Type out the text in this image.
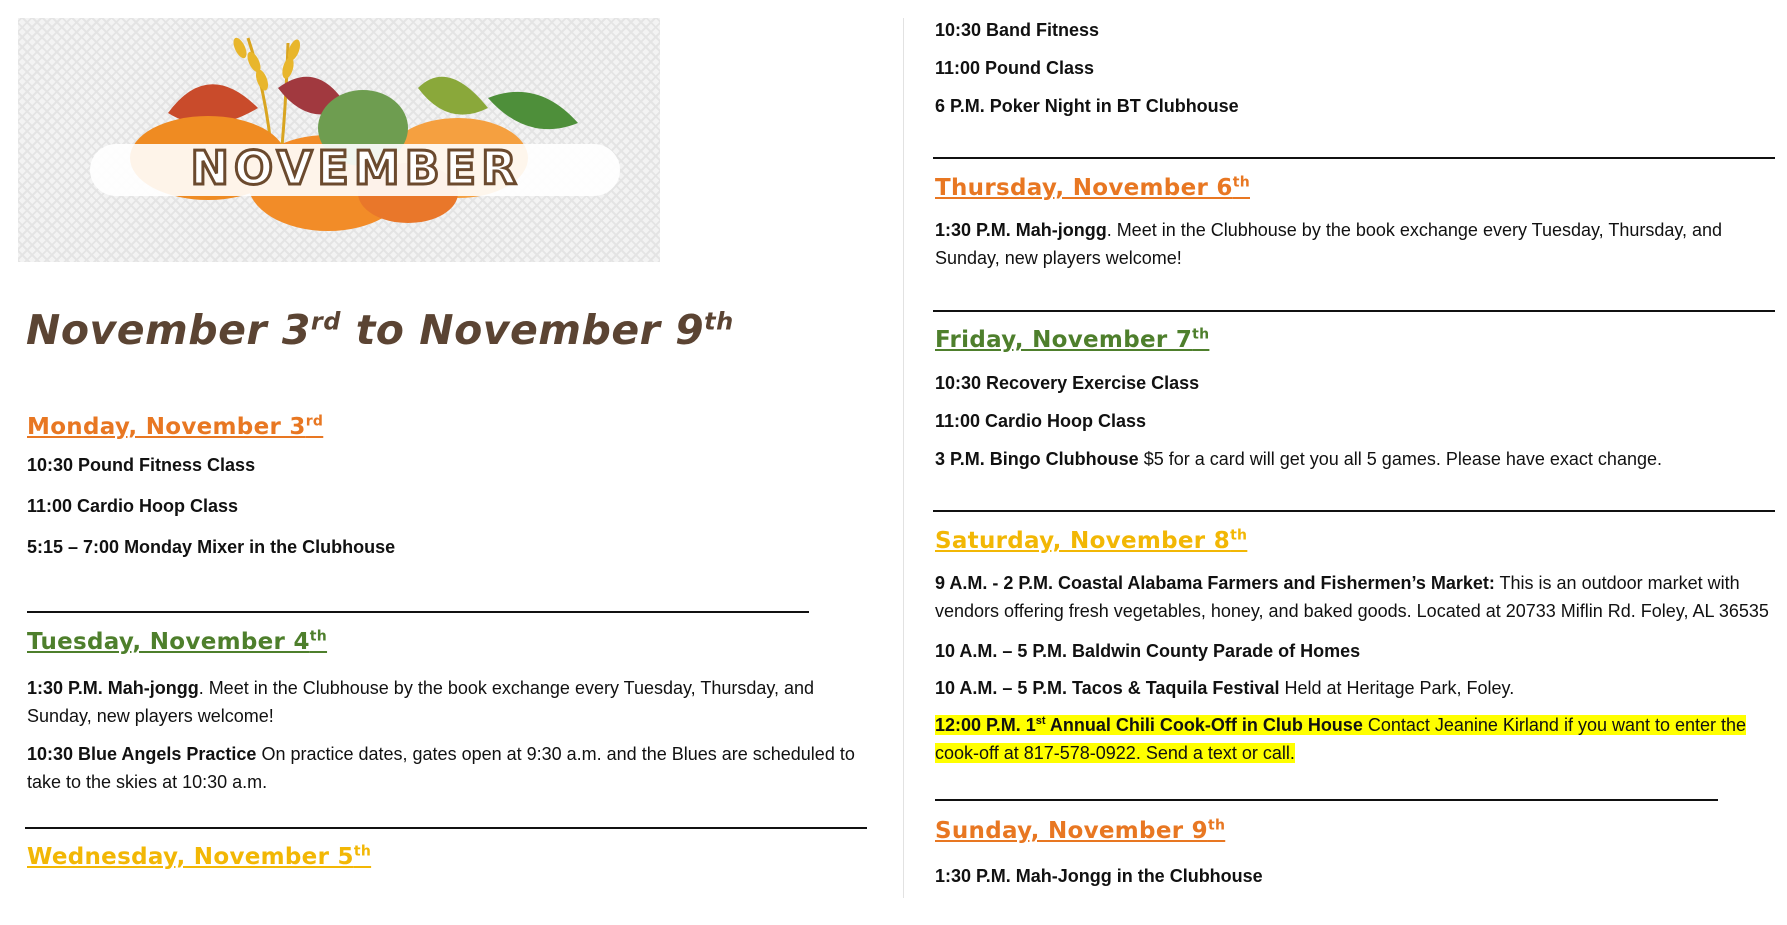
NOVEMBER
November 3rd to November 9th
Monday, November 3rd
10:30 Pound Fitness Class
11:00 Cardio Hoop Class
5:15 – 7:00 Monday Mixer in the Clubhouse
Tuesday, November 4th
1:30 P.M. Mah-jongg. Meet in the Clubhouse by the book exchange every Tuesday, Thursday, and Sunday, new players welcome!
10:30 Blue Angels Practice On practice dates, gates open at 9:30 a.m. and the Blues are scheduled to take to the skies at 10:30 a.m.
Wednesday, November 5th
10:30 Band Fitness
11:00 Pound Class
6 P.M. Poker Night in BT Clubhouse
Thursday, November 6th
1:30 P.M. Mah-jongg. Meet in the Clubhouse by the book exchange every Tuesday, Thursday, and Sunday, new players welcome!
Friday, November 7th
10:30 Recovery Exercise Class
11:00 Cardio Hoop Class
3 P.M. Bingo Clubhouse $5 for a card will get you all 5 games. Please have exact change.
Saturday, November 8th
9 A.M. - 2 P.M. Coastal Alabama Farmers and Fishermen’s Market: This is an outdoor market with vendors offering fresh vegetables, honey, and baked goods. Located at 20733 Miflin Rd. Foley, AL 36535
10 A.M. – 5 P.M. Baldwin County Parade of Homes
10 A.M. – 5 P.M. Tacos & Taquila Festival Held at Heritage Park, Foley.
12:00 P.M. 1st Annual Chili Cook-Off in Club House Contact Jeanine Kirland if you want to enter the cook-off at 817-578-0922. Send a text or call.
Sunday, November 9th
1:30 P.M. Mah-Jongg in the Clubhouse
